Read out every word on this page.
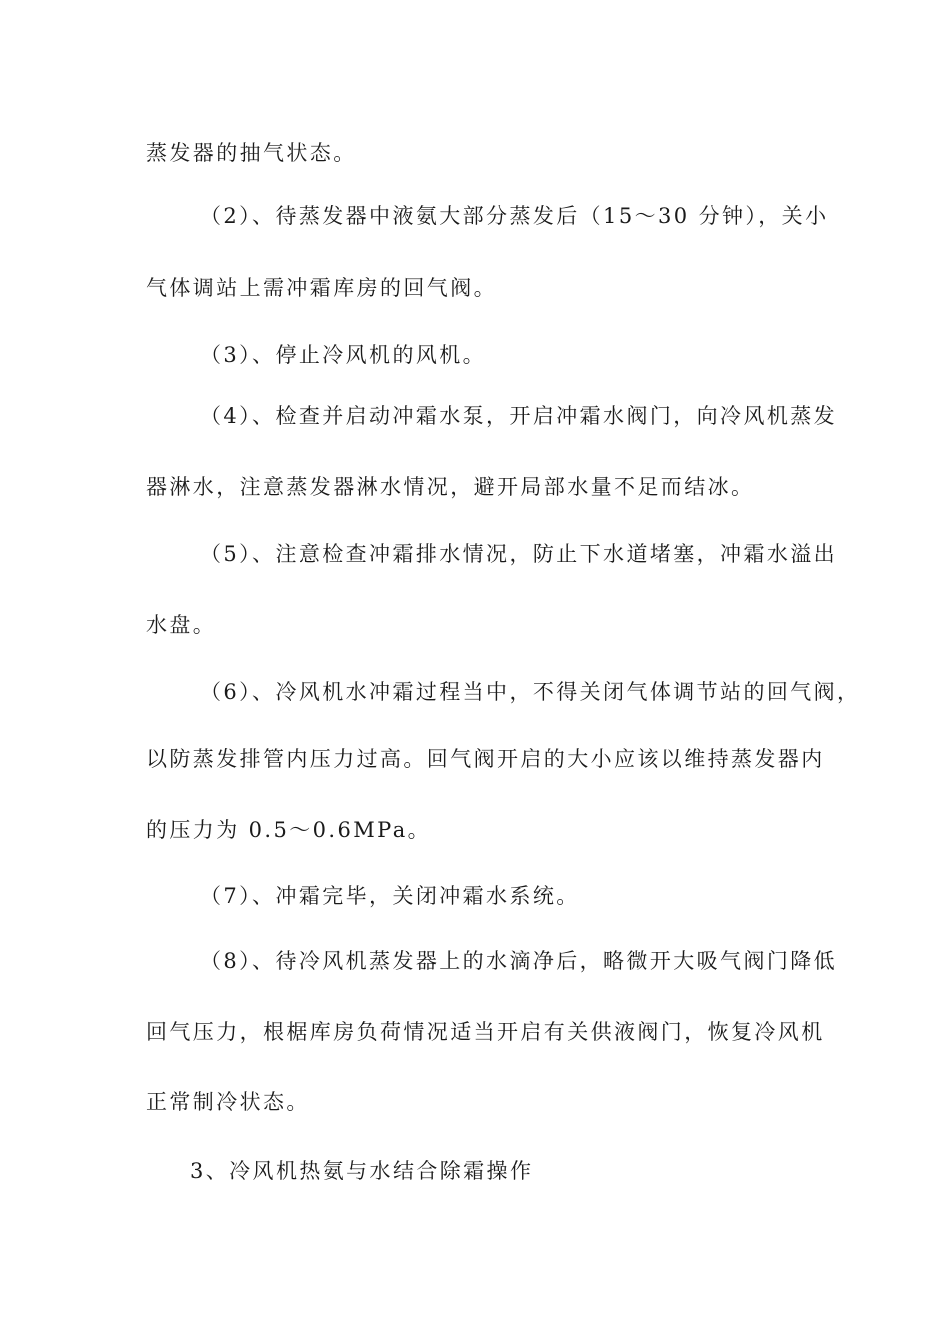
蒸发器的抽气状态。
（2）、待蒸发器中液氨大部分蒸发后（15～30 分钟），关小
气体调站上需冲霜库房的回气阀。
（3）、停止冷风机的风机。
（4）、检查并启动冲霜水泵，开启冲霜水阀门，向冷风机蒸发
器淋水，注意蒸发器淋水情况，避开局部水量不足而结冰。
（5）、注意检查冲霜排水情况，防止下水道堵塞，冲霜水溢出
水盘。
（6）、冷风机水冲霜过程当中，不得关闭气体调节站的回气阀，
以防蒸发排管内压力过高。回气阀开启的大小应该以维持蒸发器内
的压力为 0.5～0.6MPa。
（7）、冲霜完毕，关闭冲霜水系统。
（8）、待冷风机蒸发器上的水滴净后，略微开大吸气阀门降低
回气压力，根椐库房负荷情况适当开启有关供液阀门，恢复冷风机
正常制冷状态。
3、冷风机热氨与水结合除霜操作
